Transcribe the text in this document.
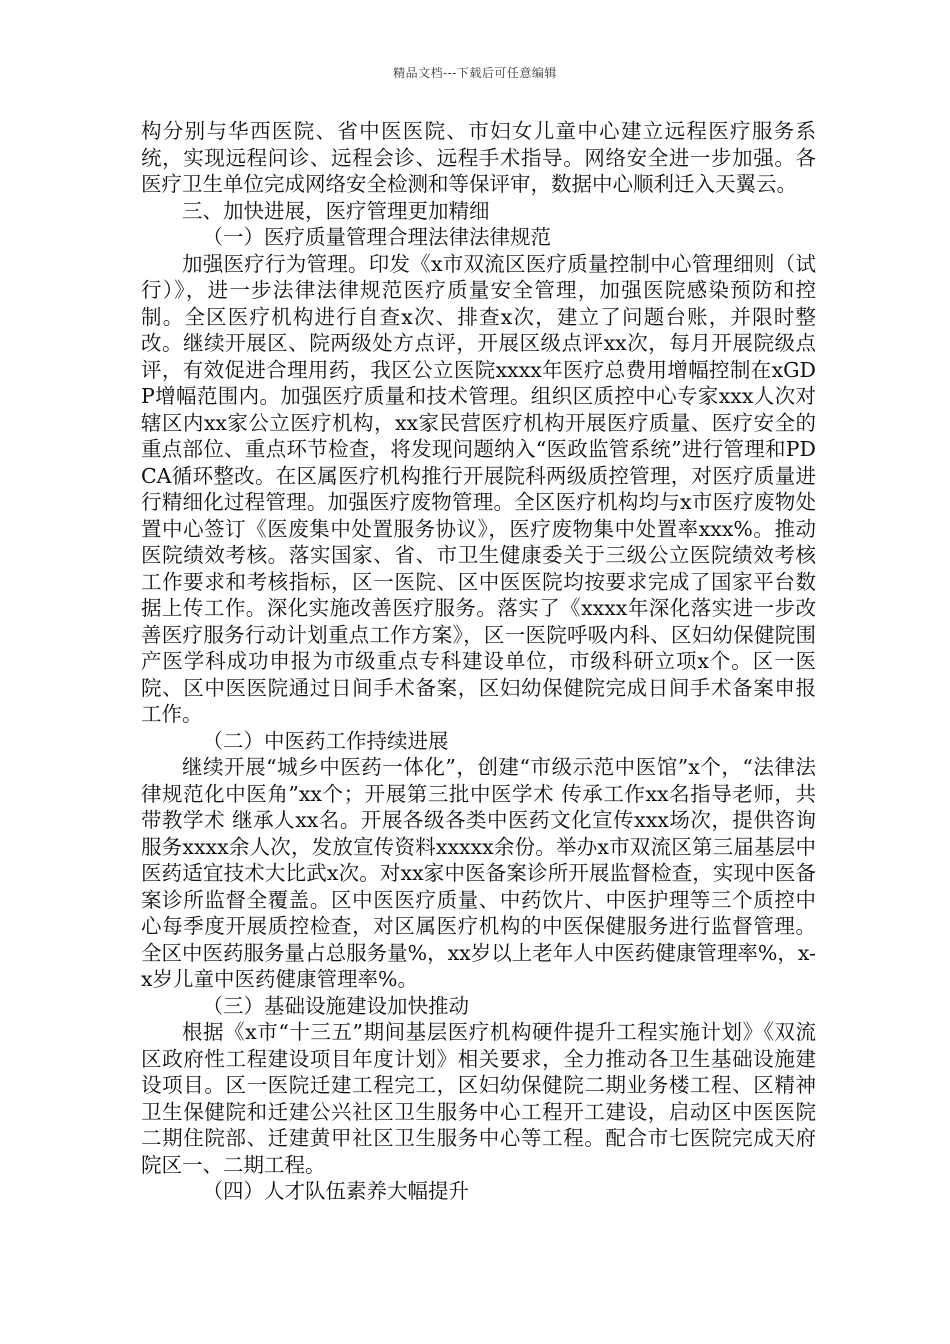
精品文档---下载后可任意编辑

构分别与华西医院、省中医医院、市妇女儿童中心建立远程医疗服务系统，实现远程问诊、远程会诊、远程手术指导。网络安全进一步加强。各医疗卫生单位完成网络安全检测和等保评审，数据中心顺利迁入天翼云。

三、加快进展，医疗管理更加精细

（一）医疗质量管理合理法律法律规范

加强医疗行为管理。印发《x市双流区医疗质量控制中心管理细则（试行）》，进一步法律法律规范医疗质量安全管理，加强医院感染预防和控制。全区医疗机构进行自查x次、排查x次，建立了问题台账，并限时整改。继续开展区、院两级处方点评，开展区级点评xx次，每月开展院级点评，有效促进合理用药，我区公立医院xxxx年医疗总费用增幅控制在xGDP增幅范围内。加强医疗质量和技术管理。组织区质控中心专家xxx人次对辖区内xx家公立医疗机构，xx家民营医疗机构开展医疗质量、医疗安全的重点部位、重点环节检查，将发现问题纳入“医政监管系统”进行管理和PDCA循环整改。在区属医疗机构推行开展院科两级质控管理，对医疗质量进行精细化过程管理。加强医疗废物管理。全区医疗机构均与x市医疗废物处置中心签订《医废集中处置服务协议》，医疗废物集中处置率xxx%。推动医院绩效考核。落实国家、省、市卫生健康委关于三级公立医院绩效考核工作要求和考核指标，区一医院、区中医医院均按要求完成了国家平台数据上传工作。深化实施改善医疗服务。落实了《xxxx年深化落实进一步改善医疗服务行动计划重点工作方案》，区一医院呼吸内科、区妇幼保健院围产医学科成功申报为市级重点专科建设单位，市级科研立项x个。区一医院、区中医医院通过日间手术备案，区妇幼保健院完成日间手术备案申报工作。

（二）中医药工作持续进展

继续开展“城乡中医药一体化”，创建“市级示范中医馆”x个，“法律法律规范化中医角”xx个；开展第三批中医学术 传承工作xx名指导老师，共带教学术 继承人xx名。开展各级各类中医药文化宣传xxx场次，提供咨询服务xxxx余人次，发放宣传资料xxxxx余份。举办x市双流区第三届基层中医药适宜技术大比武x次。对xx家中医备案诊所开展监督检查，实现中医备案诊所监督全覆盖。区中医医疗质量、中药饮片、中医护理等三个质控中心每季度开展质控检查，对区属医疗机构的中医保健服务进行监督管理。全区中医药服务量占总服务量%，xx岁以上老年人中医药健康管理率%，x-x岁儿童中医药健康管理率%。

（三）基础设施建设加快推动

根据《x市“十三五”期间基层医疗机构硬件提升工程实施计划》《双流区政府性工程建设项目年度计划》相关要求，全力推动各卫生基础设施建设项目。区一医院迁建工程完工，区妇幼保健院二期业务楼工程、区精神卫生保健院和迁建公兴社区卫生服务中心工程开工建设，启动区中医医院二期住院部、迁建黄甲社区卫生服务中心等工程。配合市七医院完成天府院区一、二期工程。

（四）人才队伍素养大幅提升
